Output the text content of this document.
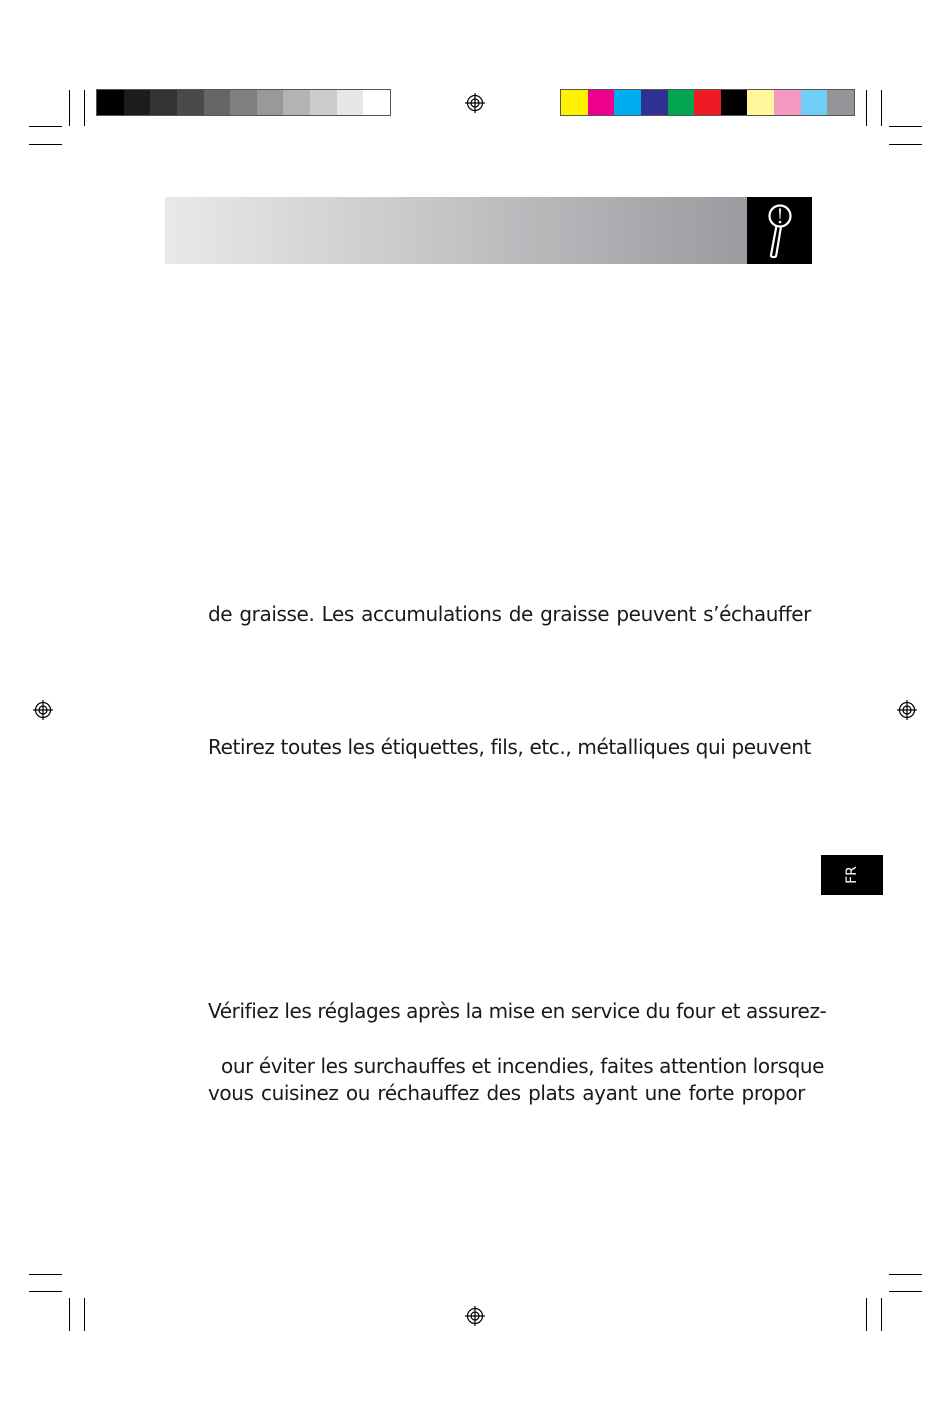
de graisse. Les accumulations de graisse peuvent s’échauffer
Retirez toutes les étiquettes, fils, etc., métalliques qui peuvent
Vérifiez les réglages après la mise en service du four et assurez-
our éviter les surchauffes et incendies, faites attention lorsque
vous cuisinez ou réchauffez des plats ayant une forte propor
FR
